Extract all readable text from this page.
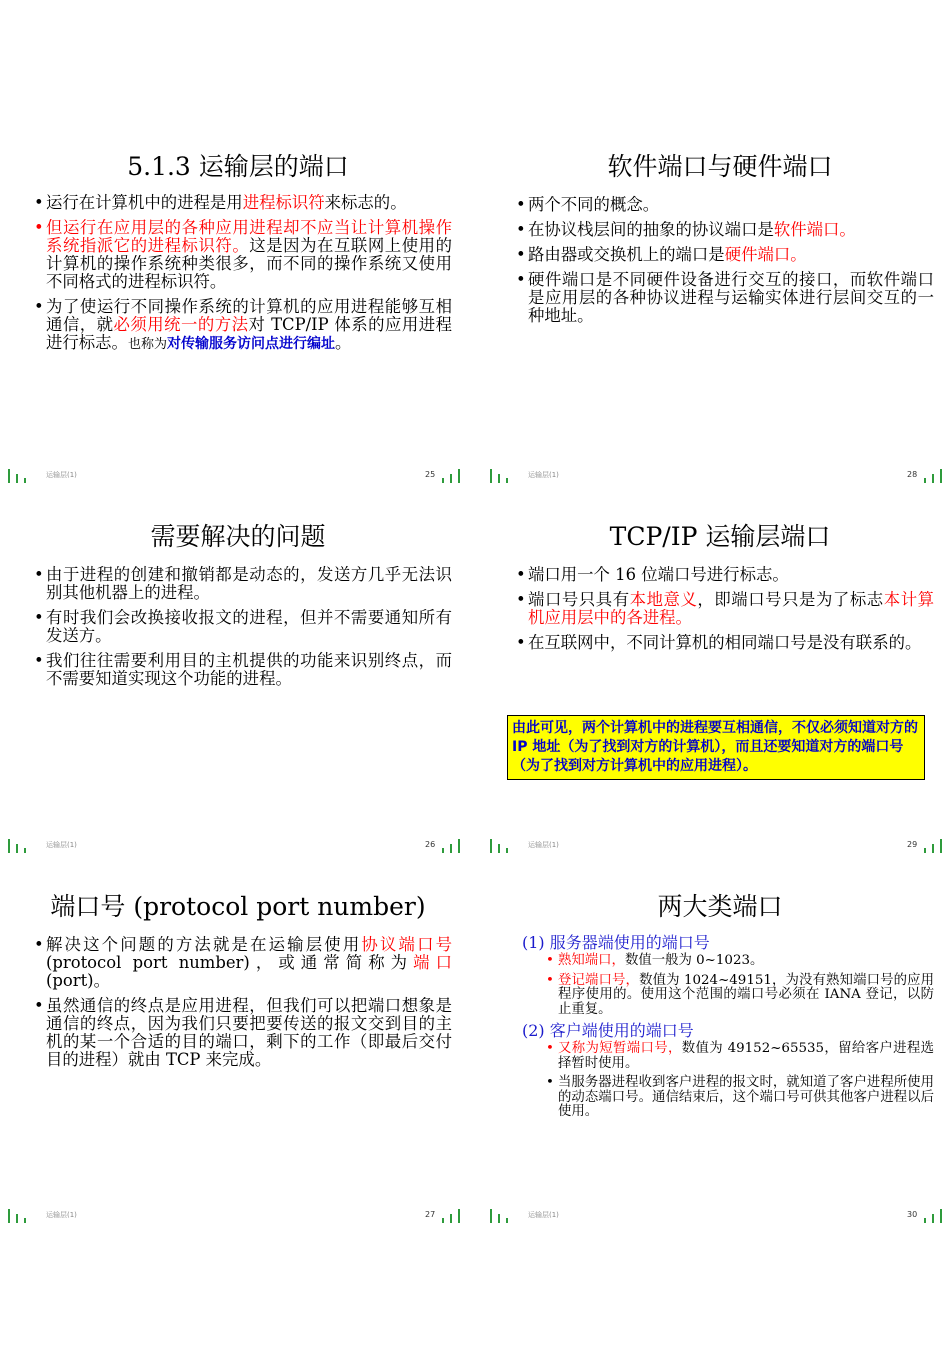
5.1.3 运输层的端口
• 运行在计算机中的进程是用进程标识符来标志的。
• 但运行在应用层的各种应用进程却不应当让计算机操作系统指派它的进程标识符。这是因为在互联网上使用的计算机的操作系统种类很多，而不同的操作系统又使用不同格式的进程标识符。
• 为了使运行不同操作系统的计算机的应用进程能够互相通信，就必须用统一的方法对 TCP/IP 体系的应用进程进行标志。也称为对传输服务访问点进行编址。
运输层(1)	25
软件端口与硬件端口
• 两个不同的概念。
• 在协议栈层间的抽象的协议端口是软件端口。
• 路由器或交换机上的端口是硬件端口。
• 硬件端口是不同硬件设备进行交互的接口，而软件端口是应用层的各种协议进程与运输实体进行层间交互的一种地址。
运输层(1)	28
需要解决的问题
• 由于进程的创建和撤销都是动态的，发送方几乎无法识别其他机器上的进程。
• 有时我们会改换接收报文的进程，但并不需要通知所有发送方。
• 我们往往需要利用目的主机提供的功能来识别终点，而不需要知道实现这个功能的进程。
运输层(1)	26
TCP/IP 运输层端口
• 端口用一个 16 位端口号进行标志。
• 端口号只具有本地意义，即端口号只是为了标志本计算机应用层中的各进程。
• 在互联网中，不同计算机的相同端口号是没有联系的。
由此可见，两个计算机中的进程要互相通信，不仅必须知道对方的 IP 地址（为了找到对方的计算机），而且还要知道对方的端口号（为了找到对方计算机中的应用进程）。
运输层(1)	29
端口号 (protocol port number)
• 解决这个问题的方法就是在运输层使用协议端口号 (protocol port number)，或通常简称为端口 (port)。
• 虽然通信的终点是应用进程，但我们可以把端口想象是通信的终点，因为我们只要把要传送的报文交到目的主机的某一个合适的目的端口，剩下的工作（即最后交付目的进程）就由 TCP 来完成。
运输层(1)	27
两大类端口
(1) 服务器端使用的端口号
• 熟知端口，数值一般为 0~1023。
• 登记端口号，数值为 1024~49151，为没有熟知端口号的应用程序使用的。使用这个范围的端口号必须在 IANA 登记，以防止重复。
(2) 客户端使用的端口号
• 又称为短暂端口号，数值为 49152~65535，留给客户进程选择暂时使用。
• 当服务器进程收到客户进程的报文时，就知道了客户进程所使用的动态端口号。通信结束后，这个端口号可供其他客户进程以后使用。
运输层(1)	30
